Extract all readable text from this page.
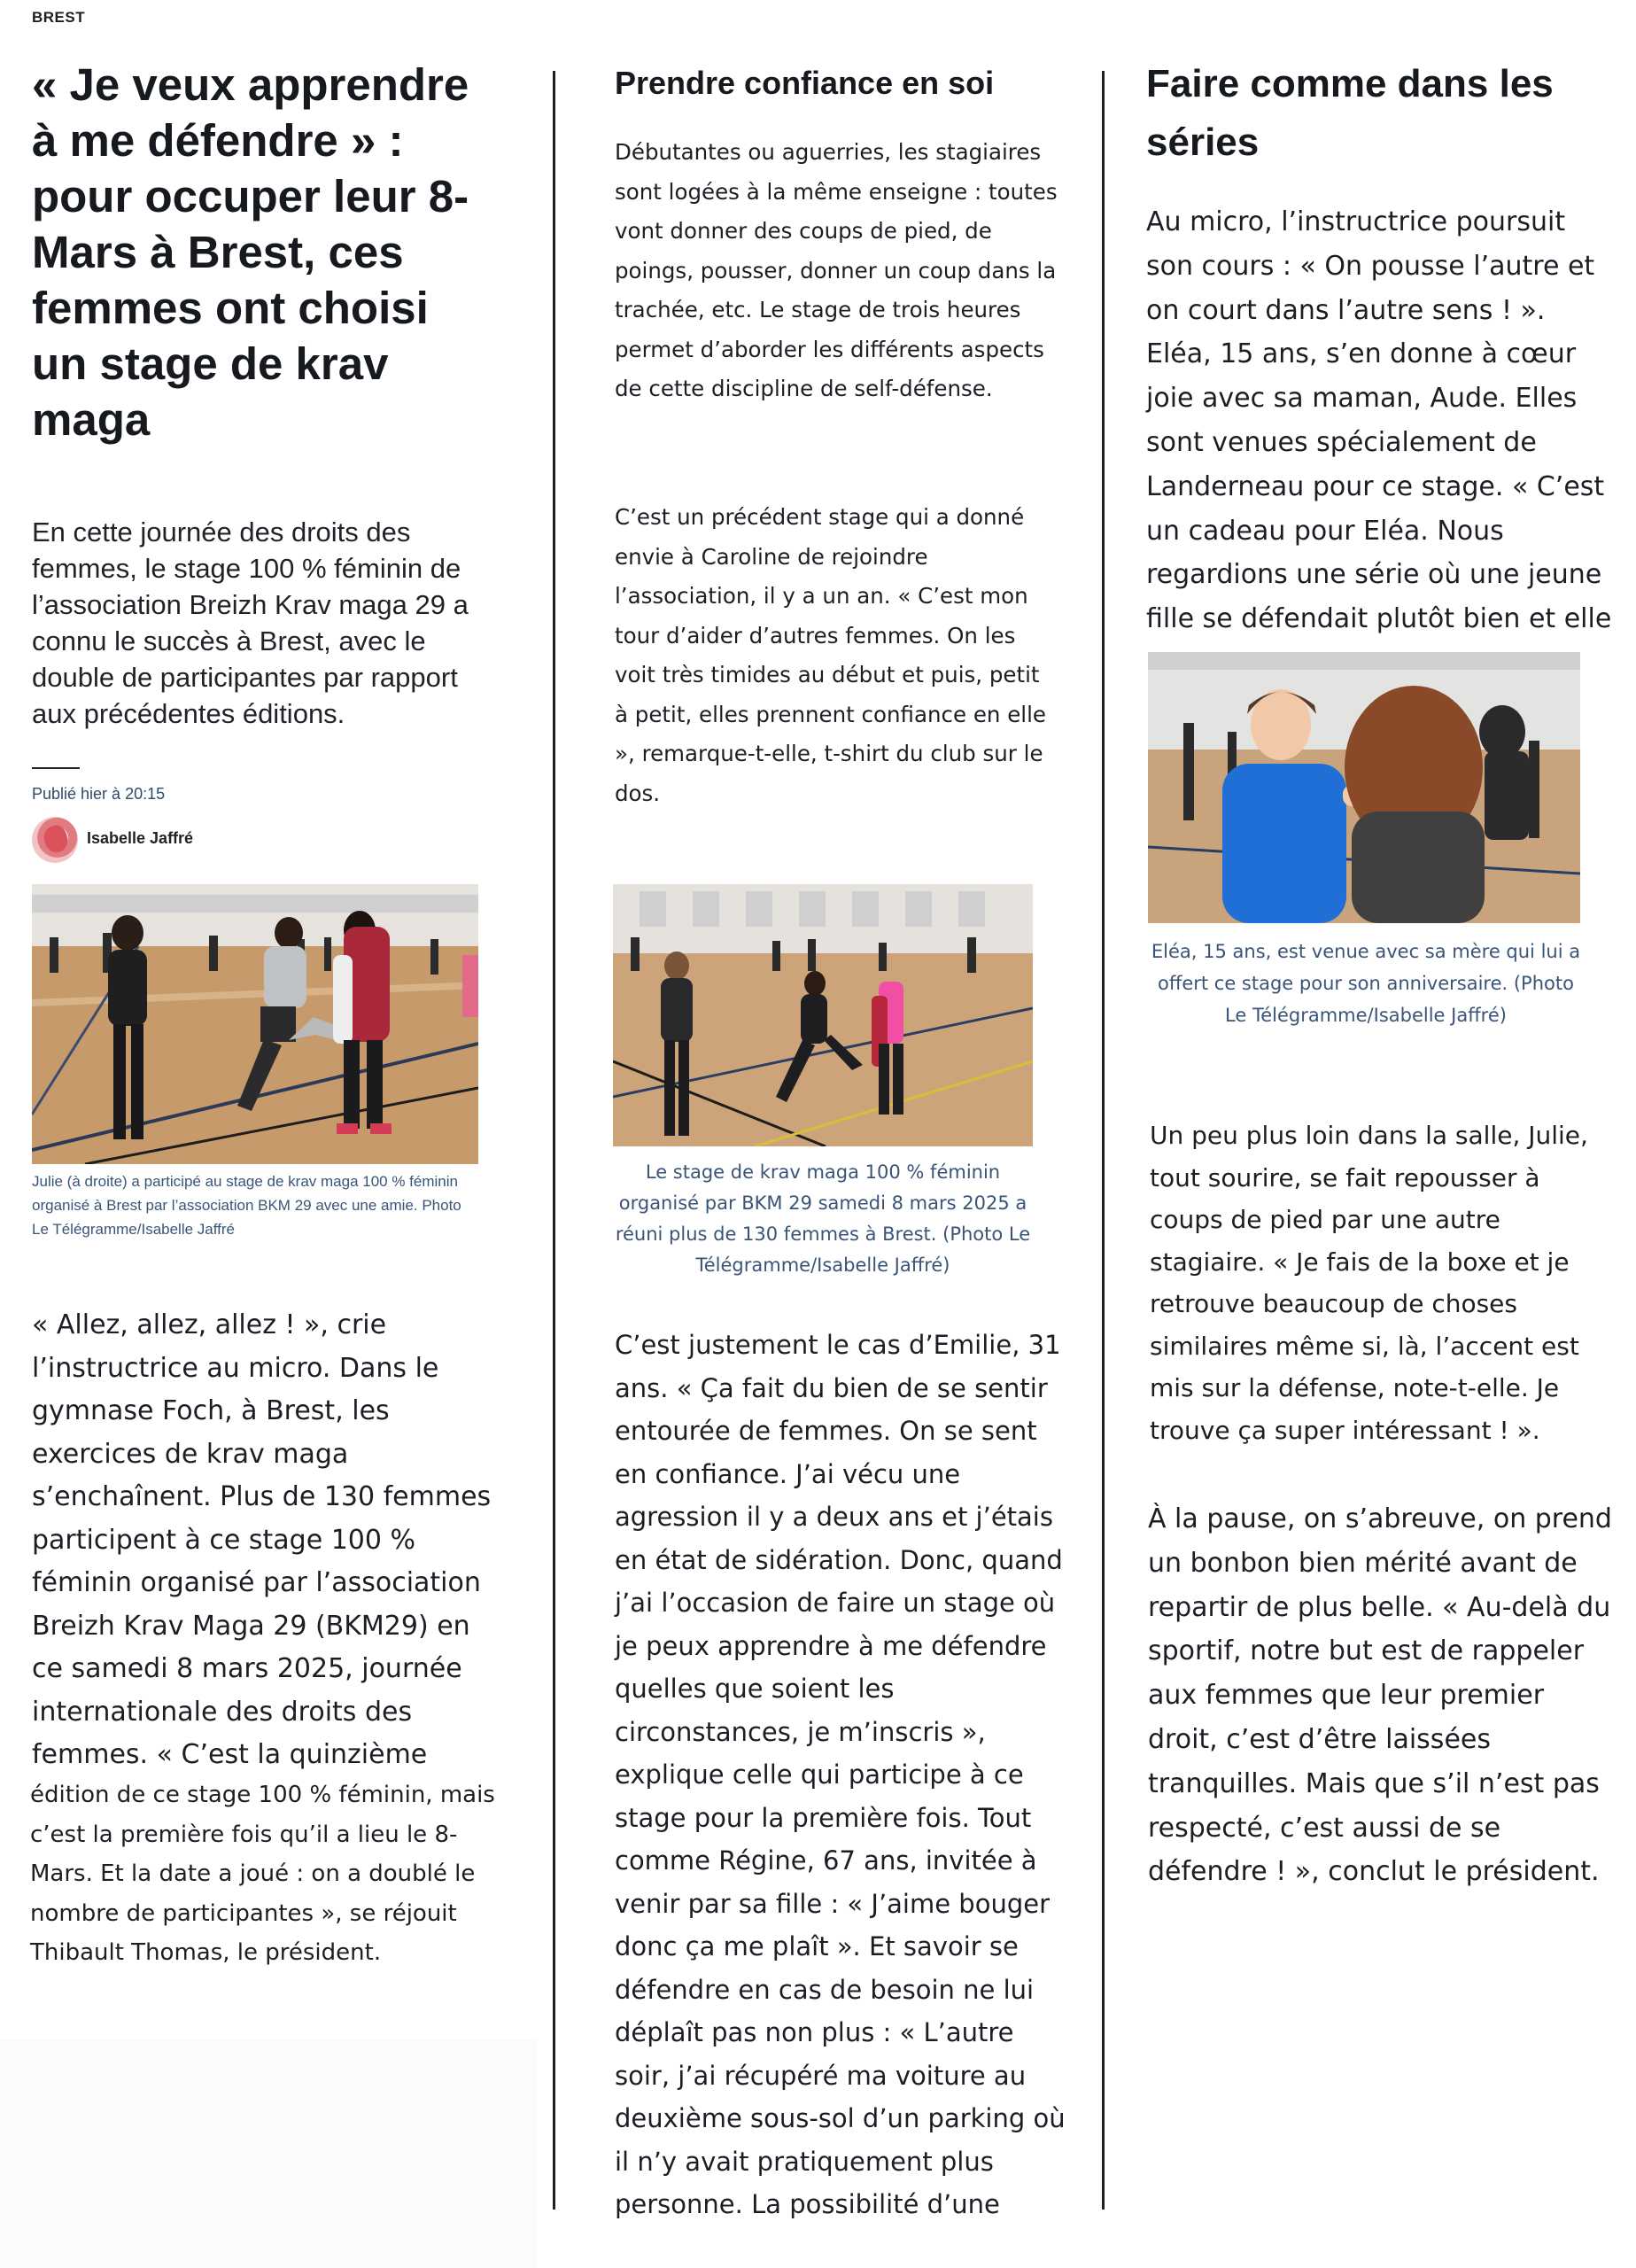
BREST
« Je veux apprendre à me défendre » : pour occuper leur 8-Mars à Brest, ces femmes ont choisi un stage de krav maga

En cette journée des droits des femmes, le stage 100 % féminin de l’association Breizh Krav maga 29 a connu le succès à Brest, avec le double de participantes par rapport aux précédentes éditions.

Publié hier à 20:15
Isabelle Jaffré

Julie (à droite) a participé au stage de krav maga 100 % féminin organisé à Brest par l’association BKM 29 avec une amie. Photo Le Télégramme/Isabelle Jaffré

« Allez, allez, allez ! », crie l’instructrice au micro. Dans le gymnase Foch, à Brest, les exercices de krav maga s’enchaînent. Plus de 130 femmes participent à ce stage 100 % féminin organisé par l’association Breizh Krav Maga 29 (BKM29) en ce samedi 8 mars 2025, journée internationale des droits des femmes. « C’est la quinzième

édition de ce stage 100 % féminin, mais c’est la première fois qu’il a lieu le 8-Mars. Et la date a joué : on a doublé le nombre de participantes », se réjouit Thibault Thomas, le président.

Prendre confiance en soi

Débutantes ou aguerries, les stagiaires sont logées à la même enseigne : toutes vont donner des coups de pied, de poings, pousser, donner un coup dans la trachée, etc. Le stage de trois heures permet d’aborder les différents aspects de cette discipline de self-défense.

C’est un précédent stage qui a donné envie à Caroline de rejoindre l’association, il y a un an. « C’est mon tour d’aider d’autres femmes. On les voit très timides au début et puis, petit à petit, elles prennent confiance en elle », remarque-t-elle, t-shirt du club sur le dos.

Le stage de krav maga 100 % féminin organisé par BKM 29 samedi 8 mars 2025 a réuni plus de 130 femmes à Brest. (Photo Le Télégramme/Isabelle Jaffré)

C’est justement le cas d’Emilie, 31 ans. « Ça fait du bien de se sentir entourée de femmes. On se sent en confiance. J’ai vécu une agression il y a deux ans et j’étais en état de sidération. Donc, quand j’ai l’occasion de faire un stage où je peux apprendre à me défendre quelles que soient les circonstances, je m’inscris », explique celle qui participe à ce stage pour la première fois. Tout comme Régine, 67 ans, invitée à venir par sa fille : « J’aime bouger donc ça me plaît ». Et savoir se défendre en cas de besoin ne lui déplaît pas non plus : « L’autre soir, j’ai récupéré ma voiture au deuxième sous-sol d’un parking où il n’y avait pratiquement plus personne. La possibilité d’une

Faire comme dans les séries

Au micro, l’instructrice poursuit son cours : « On pousse l’autre et on court dans l’autre sens ! ». Eléa, 15 ans, s’en donne à cœur joie avec sa maman, Aude. Elles sont venues spécialement de Landerneau pour ce stage. « C’est un cadeau pour Eléa. Nous regardions une série où une jeune fille se défendait plutôt bien et elle

Eléa, 15 ans, est venue avec sa mère qui lui a offert ce stage pour son anniversaire. (Photo Le Télégramme/Isabelle Jaffré)

Un peu plus loin dans la salle, Julie, tout sourire, se fait repousser à coups de pied par une autre stagiaire. « Je fais de la boxe et je retrouve beaucoup de choses similaires même si, là, l’accent est mis sur la défense, note-t-elle. Je trouve ça super intéressant ! ».

À la pause, on s’abreuve, on prend un bonbon bien mérité avant de repartir de plus belle. « Au-delà du sportif, notre but est de rappeler aux femmes que leur premier droit, c’est d’être laissées tranquilles. Mais que s’il n’est pas respecté, c’est aussi de se défendre ! », conclut le président.
